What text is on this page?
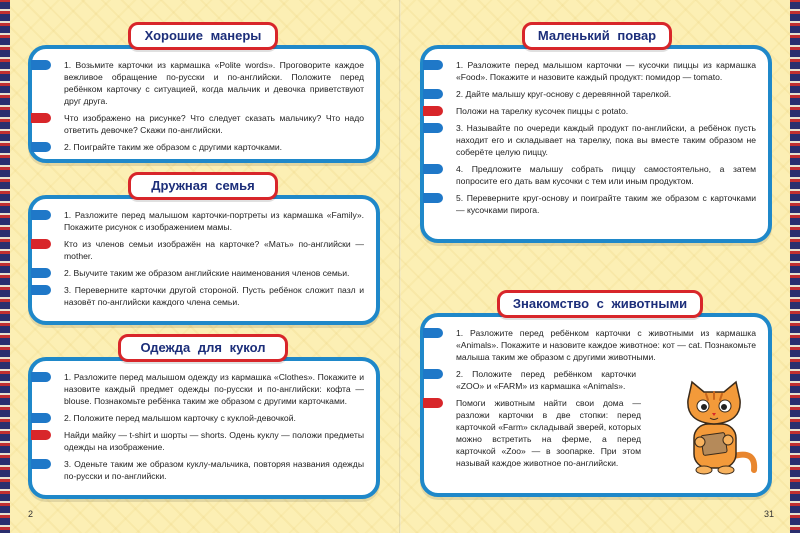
Хорошие манеры

1. Возьмите карточки из кармашка «Polite words». Проговорите каждое вежливое обращение по-русски и по-английски. Положите перед ребёнком карточку с ситуацией, когда мальчик и девочка приветствуют друг друга.

Что изображено на рисунке? Что следует сказать мальчику? Что надо ответить девочке? Скажи по-английски.

2. Поиграйте таким же образом с другими карточками.

Дружная семья

1. Разложите перед малышом карточки-портреты из кармашка «Family». Покажите рисунок с изображением мамы.

Кто из членов семьи изображён на карточке? «Мать» по-английски — mother.

2. Выучите таким же образом английские наименования членов семьи.

3. Переверните карточки другой стороной. Пусть ребёнок сложит пазл и назовёт по-английски каждого члена семьи.

Одежда для кукол

1. Разложите перед малышом одежду из кармашка «Clothes». Покажите и назовите каждый предмет одежды по-русски и по-английски: кофта — blouse. Познакомьте ребёнка таким же образом с другими карточками.

2. Положите перед малышом карточку с куклой-девочкой.

Найди майку — t-shirt и шорты — shorts. Одень куклу — положи предметы одежды на изображение.

3. Оденьте таким же образом куклу-мальчика, повторяя названия одежды по-русски и по-английски.

2
Маленький повар

1. Разложите перед малышом карточки — кусочки пиццы из кармашка «Food». Покажите и назовите каждый продукт: помидор — tomato.

2. Дайте малышу круг-основу с деревянной тарелкой.

Положи на тарелку кусочек пиццы с potato.

3. Называйте по очереди каждый продукт по-английски, а ребёнок пусть находит его и складывает на тарелку, пока вы вместе таким образом не соберёте целую пиццу.

4. Предложите малышу собрать пиццу самостоятельно, а затем попросите его дать вам кусочки с тем или иным продуктом.

5. Переверните круг-основу и поиграйте таким же образом с карточками — кусочками пирога.

Знакомство с животными

1. Разложите перед ребёнком карточки с животными из кармашка «Animals». Покажите и назовите каждое животное: кот — cat. Познакомьте малыша таким же образом с другими животными.

2. Положите перед ребёнком карточки «ZOO» и «FARM» из кармашка «Animals».

Помоги животным найти свои дома — разложи карточки в две стопки: перед карточкой «Farm» складывай зверей, которых можно встретить на ферме, а перед карточкой «Zoo» — в зоопарке. При этом называй каждое животное по-английски.

31
